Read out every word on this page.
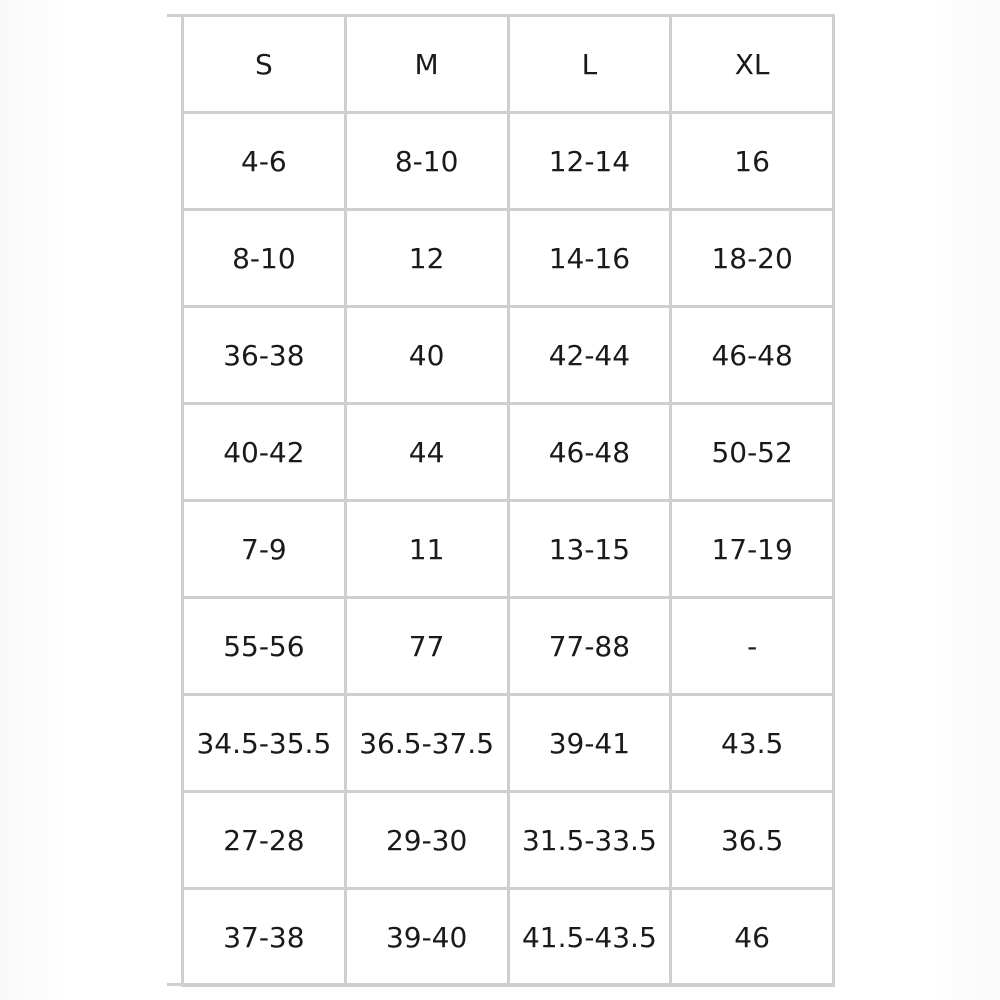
S	M	L	XL
4-6	8-10	12-14	16
8-10	12	14-16	18-20
36-38	40	42-44	46-48
40-42	44	46-48	50-52
7-9	11	13-15	17-19
55-56	77	77-88	-
34.5-35.5	36.5-37.5	39-41	43.5
27-28	29-30	31.5-33.5	36.5
37-38	39-40	41.5-43.5	46
